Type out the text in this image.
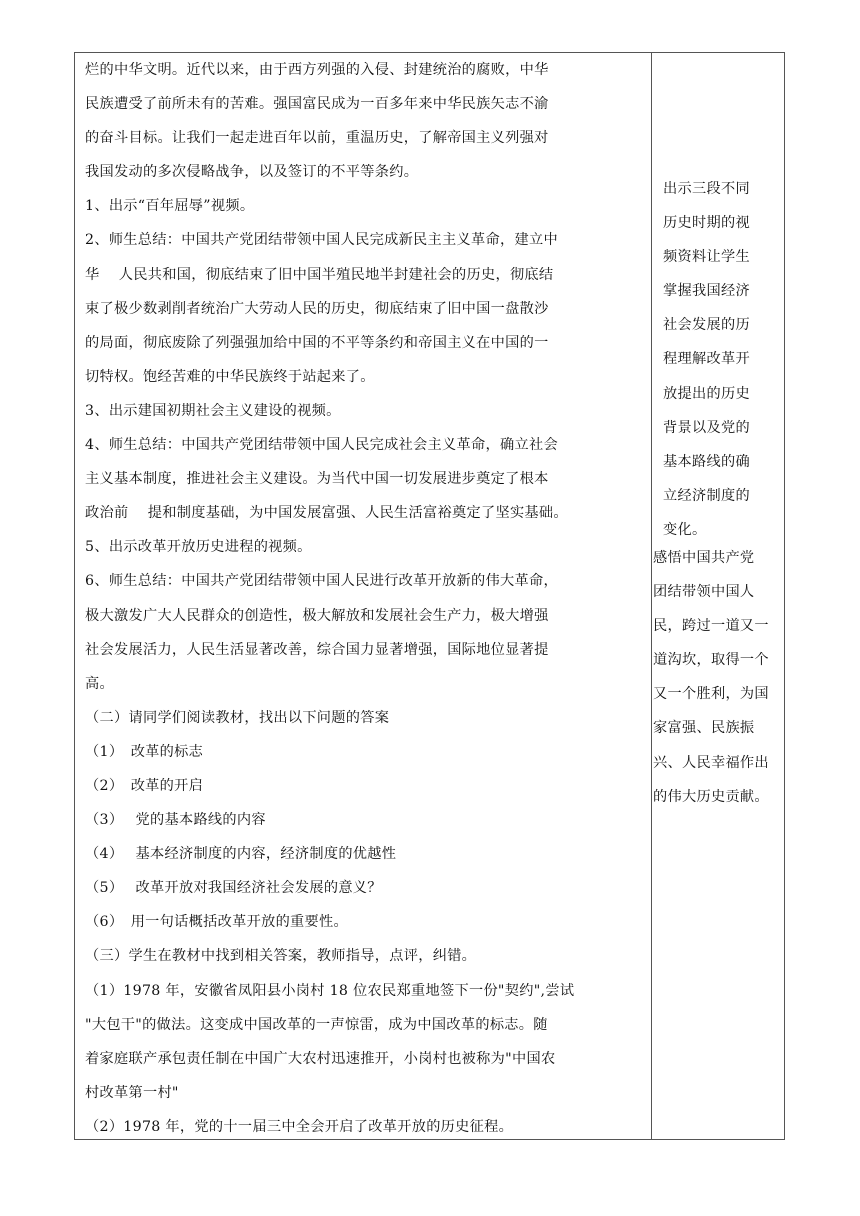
烂的中华文明。近代以来，由于西方列强的入侵、封建统治的腐败，中华
民族遭受了前所未有的苦难。强国富民成为一百多年来中华民族矢志不渝
的奋斗目标。让我们一起走进百年以前，重温历史，了解帝国主义列强对
我国发动的多次侵略战争，以及签订的不平等条约。
1、出示“百年屈辱”视频。
2、师生总结：中国共产党团结带领中国人民完成新民主主义革命，建立中
华　 人民共和国，彻底结束了旧中国半殖民地半封建社会的历史，彻底结
束了极少数剥削者统治广大劳动人民的历史，彻底结束了旧中国一盘散沙
的局面，彻底废除了列强强加给中国的不平等条约和帝国主义在中国的一
切特权。饱经苦难的中华民族终于站起来了。
3、出示建国初期社会主义建设的视频。
4、师生总结：中国共产党团结带领中国人民完成社会主义革命，确立社会
主义基本制度，推进社会主义建设。为当代中国一切发展进步奠定了根本
政治前　 提和制度基础，为中国发展富强、人民生活富裕奠定了坚实基础。
5、出示改革开放历史进程的视频。
6、师生总结：中国共产党团结带领中国人民进行改革开放新的伟大革命，
极大激发广大人民群众的创造性，极大解放和发展社会生产力，极大增强
社会发展活力，人民生活显著改善，综合国力显著增强，国际地位显著提
高。
（二）请同学们阅读教材，找出以下问题的答案
（1）　改革的标志
（2）　改革的开启
（3）　 党的基本路线的内容
（4）　 基本经济制度的内容，经济制度的优越性
（5）　 改革开放对我国经济社会发展的意义？
（6）　用一句话概括改革开放的重要性。
（三）学生在教材中找到相关答案，教师指导，点评，纠错。
（1）1978 年，安徽省凤阳县小岗村 18 位农民郑重地签下一份"契约",尝试
"大包干"的做法。这变成中国改革的一声惊雷，成为中国改革的标志。随
着家庭联产承包责任制在中国广大农村迅速推开，小岗村也被称为"中国农
村改革第一村"
（2）1978 年，党的十一届三中全会开启了改革开放的历史征程。
出示三段不同
历史时期的视
频资料让学生
掌握我国经济
社会发展的历
程理解改革开
放提出的历史
背景以及党的
基本路线的确
立经济制度的
变化。
感悟中国共产党
团结带领中国人
民，跨过一道又一
道沟坎，取得一个
又一个胜利，为国
家富强、民族振
兴、人民幸福作出
的伟大历史贡献。
